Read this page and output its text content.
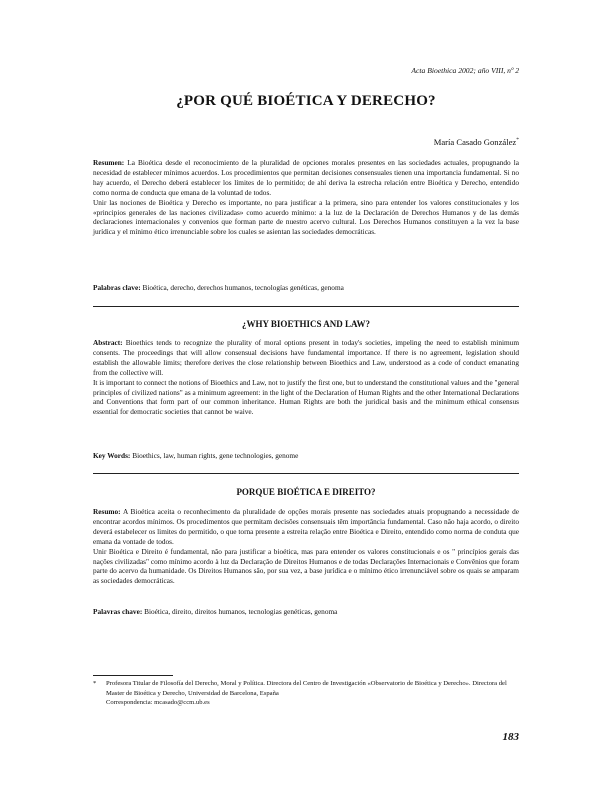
Acta Bioethica 2002; año VIII, nº 2
¿POR QUÉ BIOÉTICA Y DERECHO?
María Casado González*

Resumen: La Bioética desde el reconocimiento de la pluralidad de opciones morales presentes en las sociedades actuales, propugnando la necesidad de establecer mínimos acuerdos. Los procedimientos que permitan decisiones consensuales tienen una importancia fundamental. Si no hay acuerdo, el Derecho deberá establecer los límites de lo permitido; de ahí deriva la estrecha relación entre Bioética y Derecho, entendido como norma de conducta que emana de la voluntad de todos.

Unir las nociones de Bioética y Derecho es importante, no para justificar a la primera, sino para entender los valores constitucionales y los «principios generales de las naciones civilizadas» como acuerdo mínimo: a la luz de la Declaración de Derechos Humanos y de las demás declaraciones internacionales y convenios que forman parte de nuestro acervo cultural. Los Derechos Humanos constituyen a la vez la base jurídica y el mínimo ético irrenunciable sobre los cuales se asientan las sociedades democráticas.

Palabras clave: Bioética, derecho, derechos humanos, tecnologías genéticas, genoma
¿WHY BIOETHICS AND LAW?

Abstract: Bioethics tends to recognize the plurality of moral options present in today's societies, impeling the need to establish minimum consents. The proceedings that will allow consensual decisions have fundamental importance. If there is no agreement, legislation should establish the allowable limits; therefore derives the close relationship between Bioethics and Law, understood as a code of conduct emanating from the collective will.

It is important to connect the notions of Bioethics and Law, not to justify the first one, but to understand the constitutional values and the "general principles of civilized nations" as a minimum agreement: in the light of the Declaration of Human Rights and the other International Declarations and Conventions that form part of our common inheritance. Human Rights are both the juridical basis and the minimum ethical consensus essential for democratic societies that cannot be waive.

Key Words: Bioethics, law, human rights, gene technologies, genome
PORQUE BIOÉTICA E DIREITO?

Resumo: A Bioética aceita o reconhecimento da pluralidade de opções morais presente nas sociedades atuais propugnando a necessidade de encontrar acordos mínimos. Os procedimentos que permitam decisões consensuais têm importância fundamental. Caso não haja acordo, o direito deverá estabelecer os limites do permitido, o que torna presente a estreita relação entre Bioética e Direito, entendido como norma de conduta que emana da vontade de todos.

Unir Bioética e Direito é fundamental, não para justificar a bioética, mas para entender os valores constitucionais e os " princípios gerais das nações civilizadas" como mínimo acordo à luz da Declaração de Direitos Humanos e de todas Declarações Internacionais e Convênios que foram parte do acervo da humanidade. Os Direitos Humanos são, por sua vez, a base jurídica e o mínimo ético irrenunciável sobre os quais se amparam as sociedades democráticas.

Palavras chave: Bioética, direito, direitos humanos, tecnologias genéticas, genoma
* Profesora Titular de Filosofía del Derecho, Moral y Política. Directora del Centro de Investigación «Observatorio de Bioética y Derecho». Directora del Master de Bioética y Derecho, Universidad de Barcelona, España

Correspondencia: mcasado@ccm.ub.es

183
